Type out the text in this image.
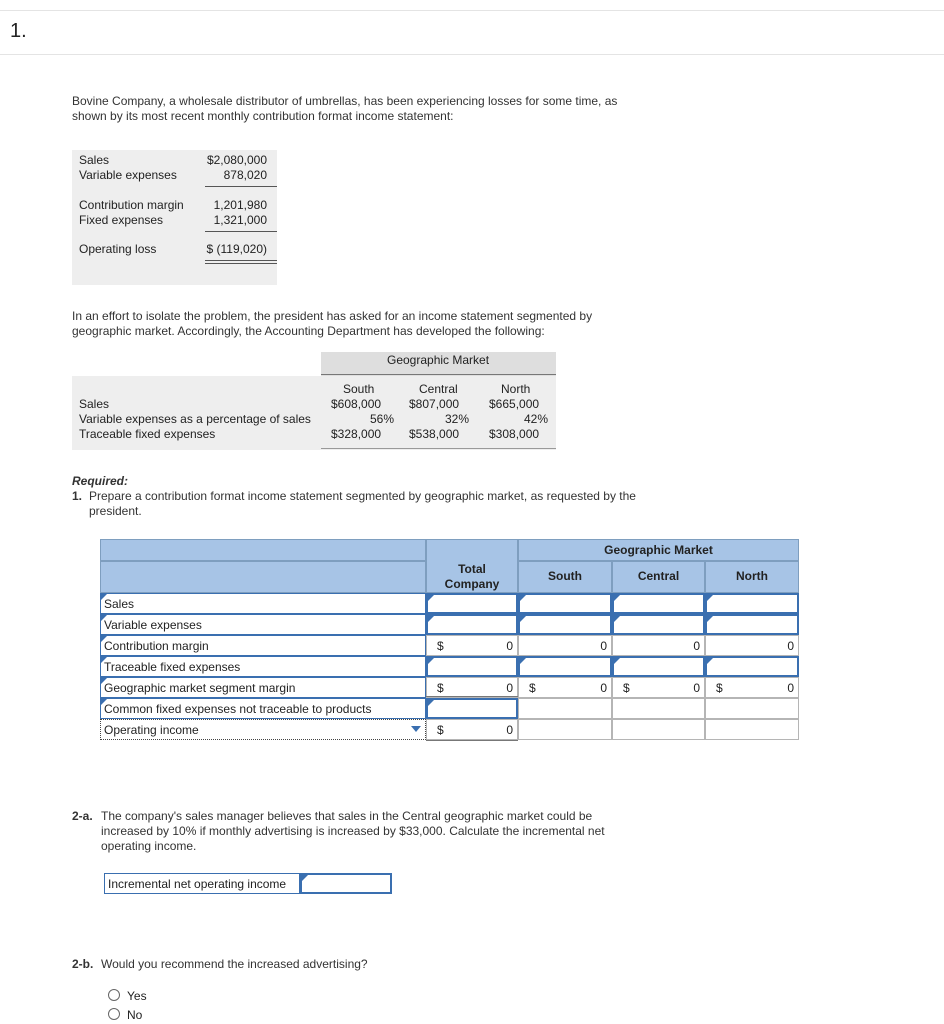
1.
Bovine Company, a wholesale distributor of umbrellas, has been experiencing losses for some time, as
shown by its most recent monthly contribution format income statement:
Sales	$2,080,000
Variable expenses	878,020
Contribution margin 1,201,980
Fixed expenses	1,321,000
Operating loss	$ (119,020)
In an effort to isolate the problem, the president has asked for an income statement segmented by
geographic market. Accordingly, the Accounting Department has developed the following:
Geographic Market
South	Central	North
Sales	$608,000 $807,000 $665,000
Variable expenses as a percentage of sales	56%	32%	42%
Traceable fixed expenses	$328,000 $538,000 $308,000
Required:
1. Prepare a contribution format income statement segmented by geographic market, as requested by the
president.
Total
Company
Geographic Market
South	Central	North
Sales
Variable expenses
Contribution margin	$	0	0	0	0
Traceable fixed expenses
Geographic market segment margin	$	0 $	0 $	0 $	0
Common fixed expenses not traceable to products
Operating income	$	0
2-a. The company's sales manager believes that sales in the Central geographic market could be
increased by 10% if monthly advertising is increased by $33,000. Calculate the incremental net
operating income.
Incremental net operating income
2-b. Would you recommend the increased advertising?
Yes
No
